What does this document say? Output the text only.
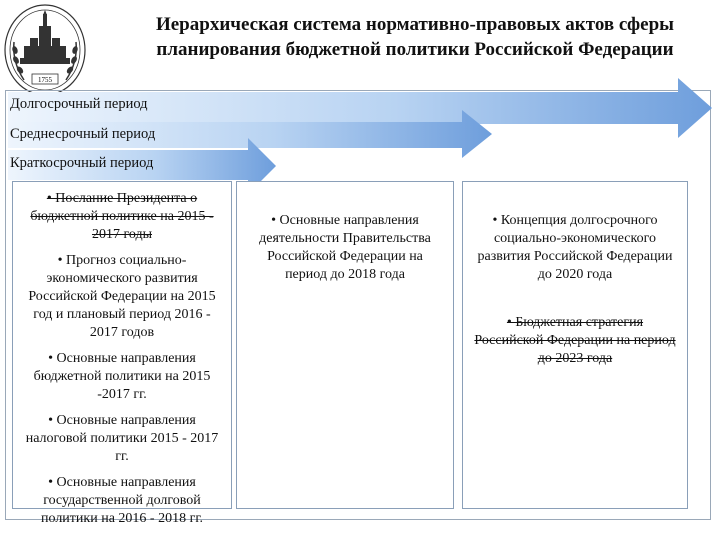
1755
Иерархическая система нормативно-правовых актов сферы
планирования бюджетной политики Российской Федерации
Долгосрочный период
Среднесрочный период
Краткосрочный период

• Послание Президента о бюджетной политике на 2015 - 2017 годы

• Прогноз социально-экономического развития Российской Федерации на 2015 год и плановый период 2016 - 2017 годов

• Основные направления бюджетной политики на 2015 -2017 гг.

• Основные направления налоговой политики 2015 - 2017 гг.

• Основные направления государственной долговой политики на 2016 - 2018 гг.

• Основные направления деятельности Правительства Российской Федерации на период до 2018 года

• Концепция долгосрочного социально-экономического развития Российской Федерации до 2020 года

• Бюджетная стратегия Российской Федерации на период до 2023 года
